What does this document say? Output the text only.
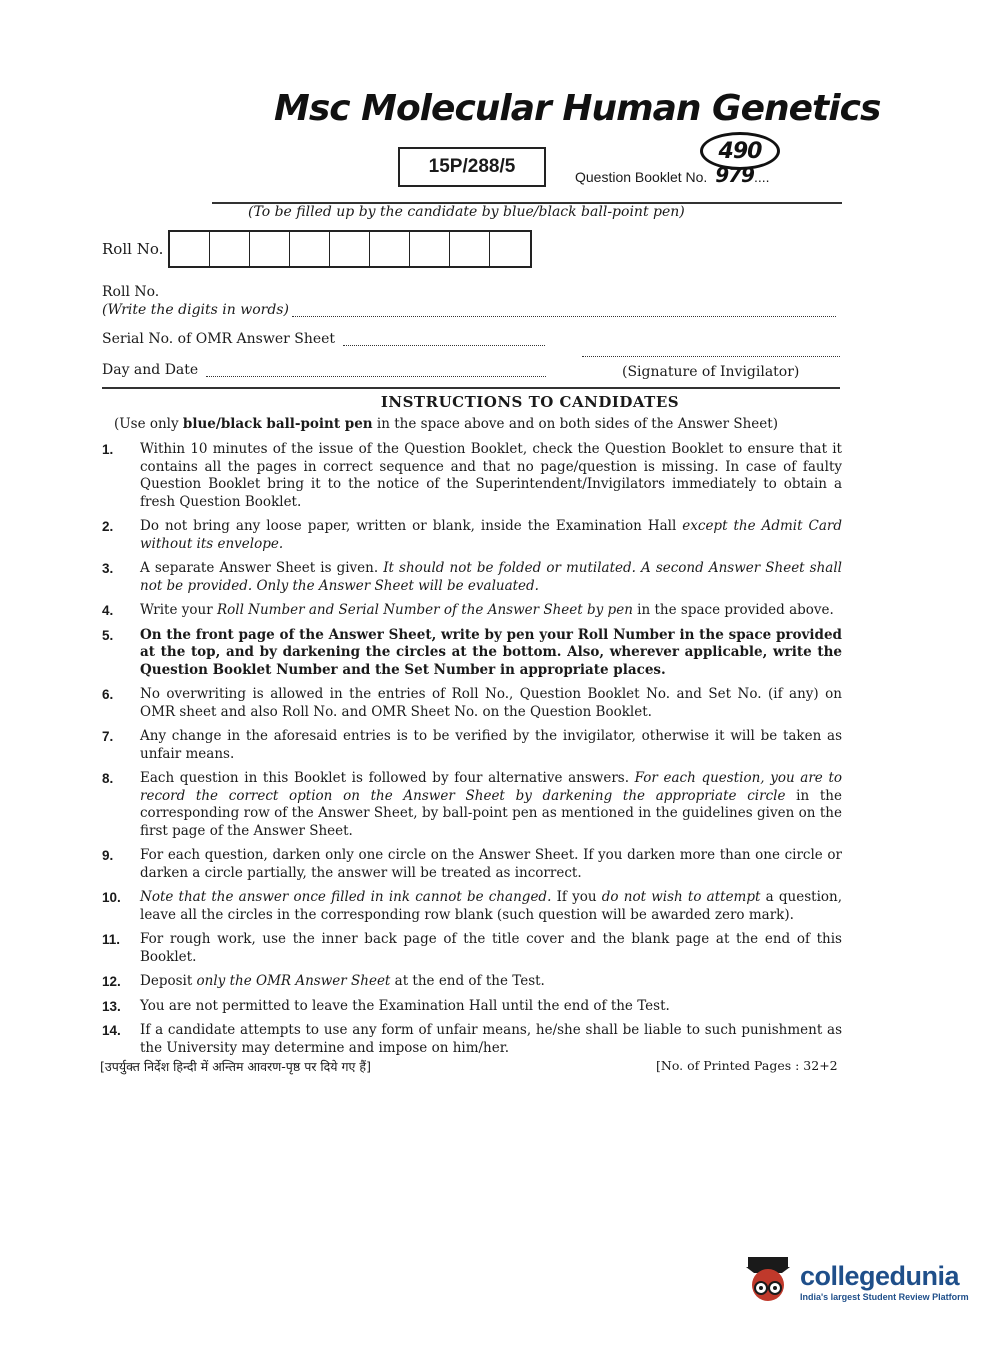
Msc Molecular Human Genetics
490
15P/288/5	Question Booklet No. 979....
(To be filled up by the candidate by blue/black ball-point pen)
Roll No.
Roll No.
(Write the digits in words)
Serial No. of OMR Answer Sheet
Day and Date	(Signature of Invigilator)
INSTRUCTIONS TO CANDIDATES
(Use only blue/black ball-point pen in the space above and on both sides of the Answer Sheet)
1.	Within 10 minutes of the issue of the Question Booklet, check the Question Booklet to ensure that it contains all the pages in correct sequence and that no page/question is missing. In case of faulty Question Booklet bring it to the notice of the Superintendent/Invigilators immediately to obtain a fresh Question Booklet.
2.	Do not bring any loose paper, written or blank, inside the Examination Hall except the Admit Card without its envelope.
3.	A separate Answer Sheet is given. It should not be folded or mutilated. A second Answer Sheet shall not be provided. Only the Answer Sheet will be evaluated.
4.	Write your Roll Number and Serial Number of the Answer Sheet by pen in the space provided above.
5.	On the front page of the Answer Sheet, write by pen your Roll Number in the space provided at the top, and by darkening the circles at the bottom. Also, wherever applicable, write the Question Booklet Number and the Set Number in appropriate places.
6.	No overwriting is allowed in the entries of Roll No., Question Booklet No. and Set No. (if any) on OMR sheet and also Roll No. and OMR Sheet No. on the Question Booklet.
7.	Any change in the aforesaid entries is to be verified by the invigilator, otherwise it will be taken as unfair means.
8.	Each question in this Booklet is followed by four alternative answers. For each question, you are to record the correct option on the Answer Sheet by darkening the appropriate circle in the corresponding row of the Answer Sheet, by ball-point pen as mentioned in the guidelines given on the first page of the Answer Sheet.
9.	For each question, darken only one circle on the Answer Sheet. If you darken more than one circle or darken a circle partially, the answer will be treated as incorrect.
10.	Note that the answer once filled in ink cannot be changed. If you do not wish to attempt a question, leave all the circles in the corresponding row blank (such question will be awarded zero mark).
11.	For rough work, use the inner back page of the title cover and the blank page at the end of this Booklet.
12.	Deposit only the OMR Answer Sheet at the end of the Test.
13.	You are not permitted to leave the Examination Hall until the end of the Test.
14.	If a candidate attempts to use any form of unfair means, he/she shall be liable to such punishment as the University may determine and impose on him/her.
[उपर्युक्त निर्देश हिन्दी में अन्तिम आवरण-पृष्ठ पर दिये गए हैं]	[No. of Printed Pages : 32+2
collegedunia
India's largest Student Review Platform
